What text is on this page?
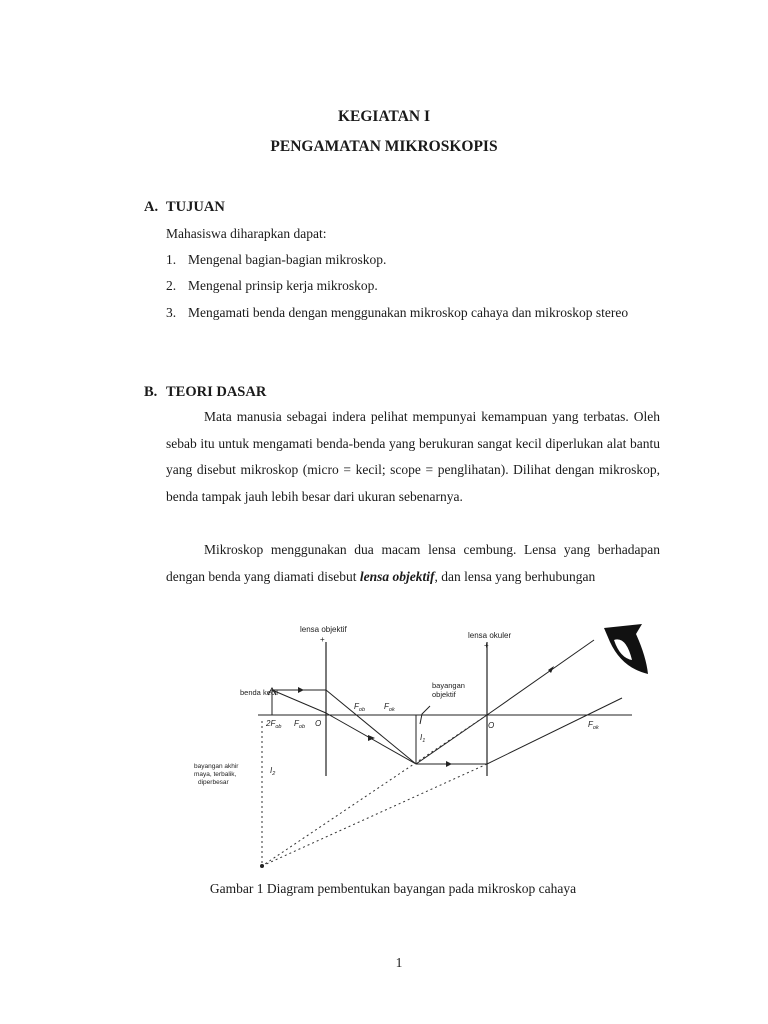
KEGIATAN I
PENGAMATAN MIKROSKOPIS
A. TUJUAN
Mahasiswa diharapkan dapat:
1. Mengenal bagian-bagian mikroskop.
2. Mengenal prinsip kerja mikroskop.
3. Mengamati benda dengan menggunakan mikroskop cahaya dan mikroskop stereo
B. TEORI DASAR

Mata manusia sebagai indera pelihat mempunyai kemampuan yang terbatas. Oleh sebab itu untuk mengamati benda-benda yang berukuran sangat kecil diperlukan alat bantu yang disebut mikroskop (micro = kecil; scope = penglihatan). Dilihat dengan mikroskop, benda tampak jauh lebih besar dari ukuran sebenarnya.

Mikroskop menggunakan dua macam lensa cembung. Lensa yang berhadapan dengan benda yang diamati disebut lensa objektif, dan lensa yang berhubungan

lensa objektif
+	lensa okuler
+
benda kecil
bayangan
objektif
$2F_{ob}$ $F_{ob}$ O
$F_{ob}$ $F_{ok}$
$I_1$
O	$F_{ok}$
$I_2$
bayangan akhir
maya, terbalik,
diperbesar
Gambar 1 Diagram pembentukan bayangan pada mikroskop cahaya
1
